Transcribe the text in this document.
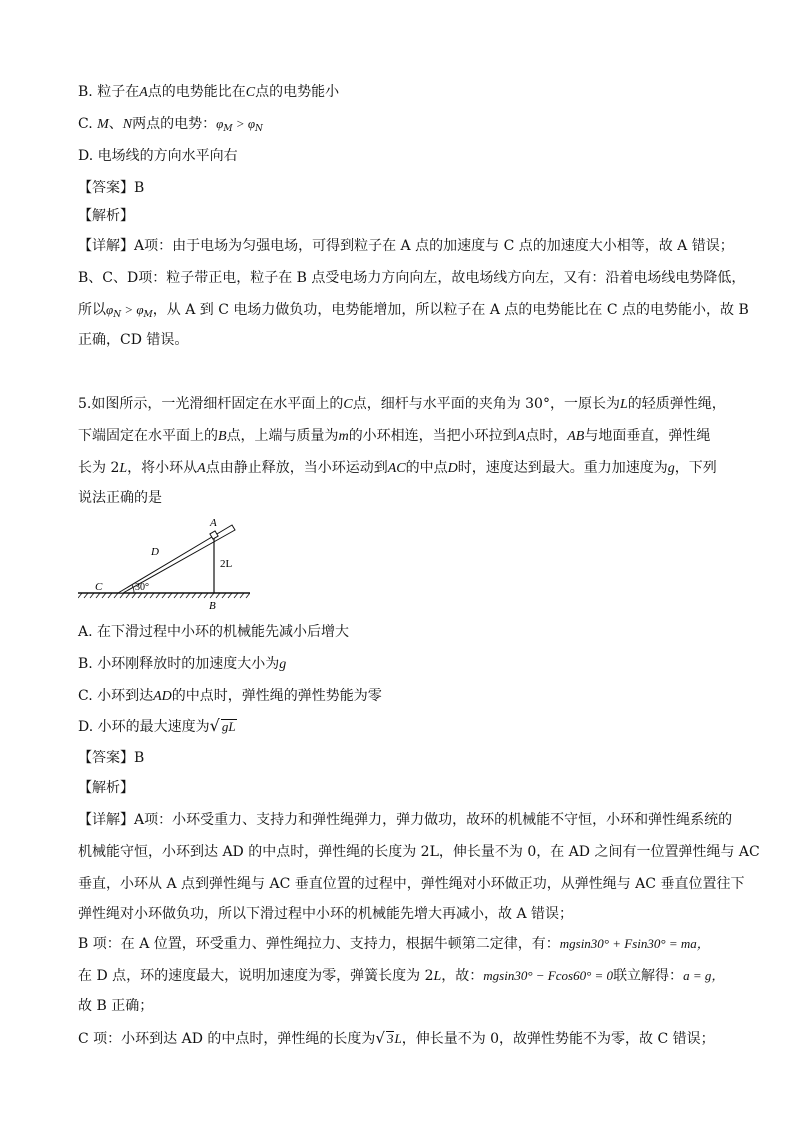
B. 粒子在A点的电势能比在C点的电势能小
C. M、N两点的电势：$\varphi_M > \varphi_N$
D. 电场线的方向水平向右
【答案】B
【解析】
【详解】A项：由于电场为匀强电场，可得到粒子在 A 点的加速度与 C 点的加速度大小相等，故 A 错误；
B、C、D项：粒子带正电，粒子在 B 点受电场力方向向左，故电场线方向左，又有：沿着电场线电势降低，
所以$\varphi_N > \varphi_M$，从 A 到 C 电场力做负功，电势能增加，所以粒子在 A 点的电势能比在 C 点的电势能小，故 B
正确，CD 错误。
5.如图所示，一光滑细杆固定在水平面上的C点，细杆与水平面的夹角为 30°，一原长为L的轻质弹性绳，
下端固定在水平面上的B点，上端与质量为m的小环相连，当把小环拉到A点时，AB与地面垂直，弹性绳
长为 2L，将小环从A点由静止释放，当小环运动到AC的中点D时，速度达到最大。重力加速度为g，下列
说法正确的是
A
B
C
D
2L
30°
A. 在下滑过程中小环的机械能先减小后增大
B. 小环刚释放时的加速度大小为g
C. 小环到达AD的中点时，弹性绳的弹性势能为零
D. 小环的最大速度为√ gL
【答案】B
【解析】
【详解】A项：小环受重力、支持力和弹性绳弹力，弹力做功，故环的机械能不守恒，小环和弹性绳系统的
机械能守恒，小环到达 AD 的中点时，弹性绳的长度为 2L，伸长量不为 0，在 AD 之间有一位置弹性绳与 AC
垂直，小环从 A 点到弹性绳与 AC 垂直位置的过程中，弹性绳对小环做正功，从弹性绳与 AC 垂直位置往下
弹性绳对小环做负功，所以下滑过程中小环的机械能先增大再减小，故 A 错误；
B 项：在 A 位置，环受重力、弹性绳拉力、支持力，根据牛顿第二定律，有：mgsin30° + Fsin30° = ma，
在 D 点，环的速度最大，说明加速度为零，弹簧长度为 2L，故：mgsin30° − Fcos60° = 0联立解得：a = g，
故 B 正确；
C 项：小环到达 AD 的中点时，弹性绳的长度为√ 3L，伸长量不为 0，故弹性势能不为零，故 C 错误；
